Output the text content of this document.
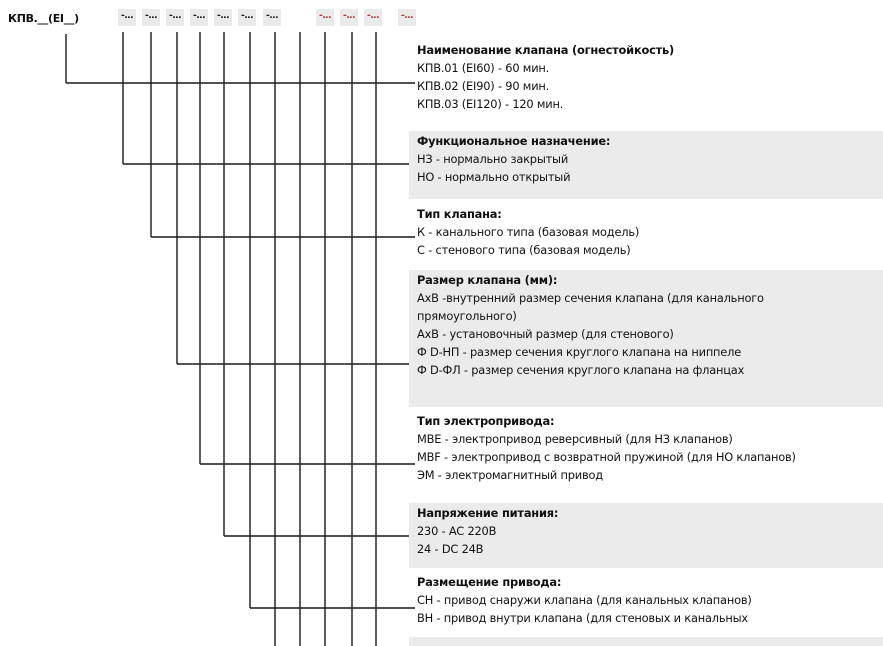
КПВ.__(EI__)	-...	-...	-...	-...	-...	-...	-...	-...	-...	-...	-...
Наименование клапана (огнестойкость)
КПВ.01 (EI60) - 60 мин.
КПВ.02 (EI90) - 90 мин.
КПВ.03 (EI120) - 120 мин.
Функциональное назначение:
НЗ - нормально закрытый
НО - нормально открытый
Тип клапана:
К - канального типа (базовая модель)
С - стенового типа (базовая модель)
Размер клапана (мм):
АхВ -внутренний размер сечения клапана (для канального
прямоугольного)
АхВ - установочный размер (для стенового)
Ф D-НП - размер сечения круглого клапана на ниппеле
Ф D-ФЛ - размер сечения круглого клапана на фланцах
Тип электропривода:
МВЕ - электропривод реверсивный (для НЗ клапанов)
MBF - электропривод с возвратной пружиной (для НО клапанов)
ЭМ - электромагнитный привод
Напряжение питания:
230 - AC 220B
24 - DC 24B
Размещение привода:
СН - привод снаружи клапана (для канальных клапанов)
ВН - привод внутри клапана (для стеновых и канальных
